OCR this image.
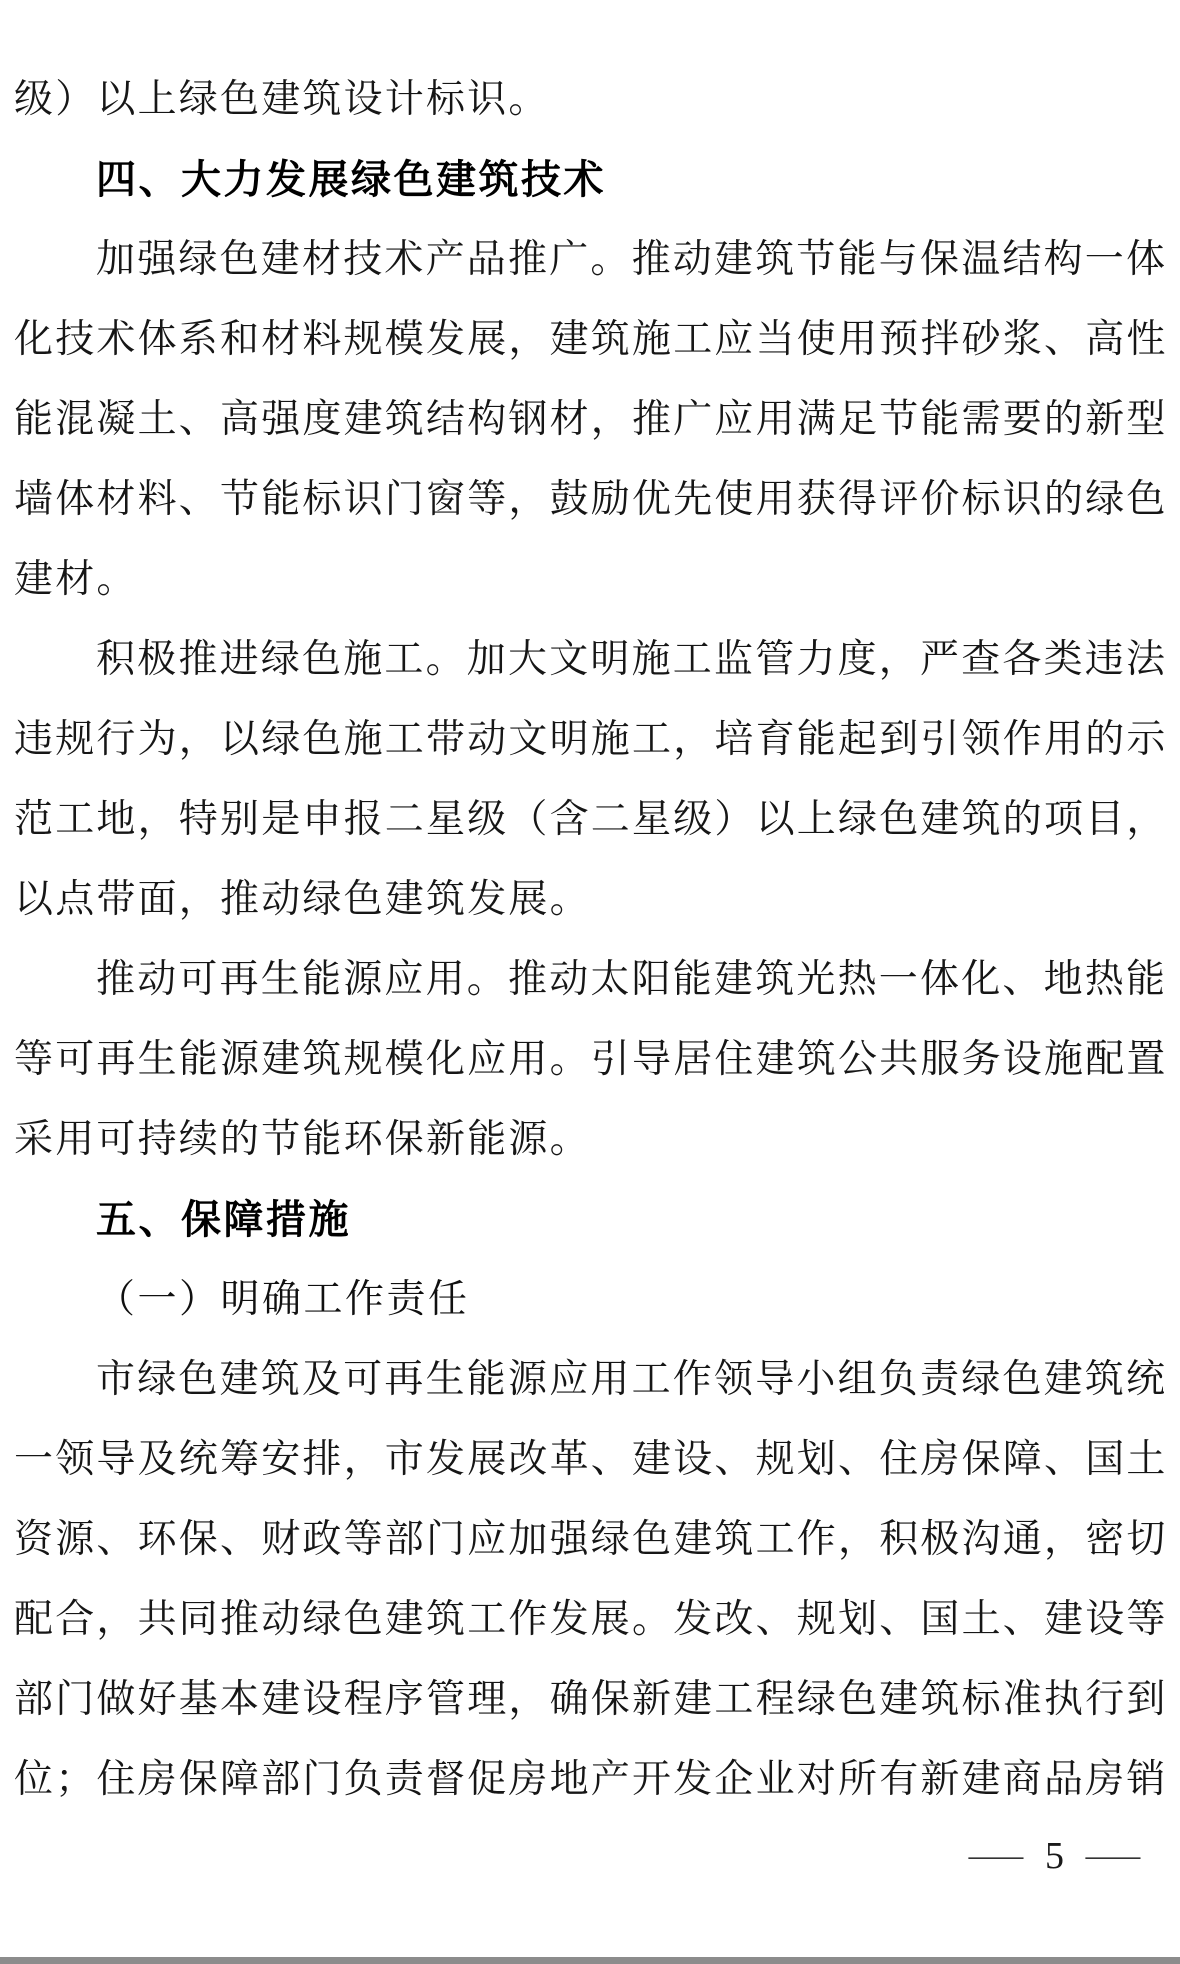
级）以上绿色建筑设计标识。
四、大力发展绿色建筑技术
加强绿色建材技术产品推广。推动建筑节能与保温结构一体
化技术体系和材料规模发展，建筑施工应当使用预拌砂浆、高性
能混凝土、高强度建筑结构钢材，推广应用满足节能需要的新型
墙体材料、节能标识门窗等，鼓励优先使用获得评价标识的绿色
建材。
积极推进绿色施工。加大文明施工监管力度，严查各类违法
违规行为，以绿色施工带动文明施工，培育能起到引领作用的示
范工地，特别是申报二星级（含二星级）以上绿色建筑的项目，
以点带面，推动绿色建筑发展。
推动可再生能源应用。推动太阳能建筑光热一体化、地热能
等可再生能源建筑规模化应用。引导居住建筑公共服务设施配置
采用可持续的节能环保新能源。
五、保障措施
（一）明确工作责任
市绿色建筑及可再生能源应用工作领导小组负责绿色建筑统
一领导及统筹安排，市发展改革、建设、规划、住房保障、国土
资源、环保、财政等部门应加强绿色建筑工作，积极沟通，密切
配合，共同推动绿色建筑工作发展。发改、规划、国土、建设等
部门做好基本建设程序管理，确保新建工程绿色建筑标准执行到
位；住房保障部门负责督促房地产开发企业对所有新建商品房销
— 5 —
